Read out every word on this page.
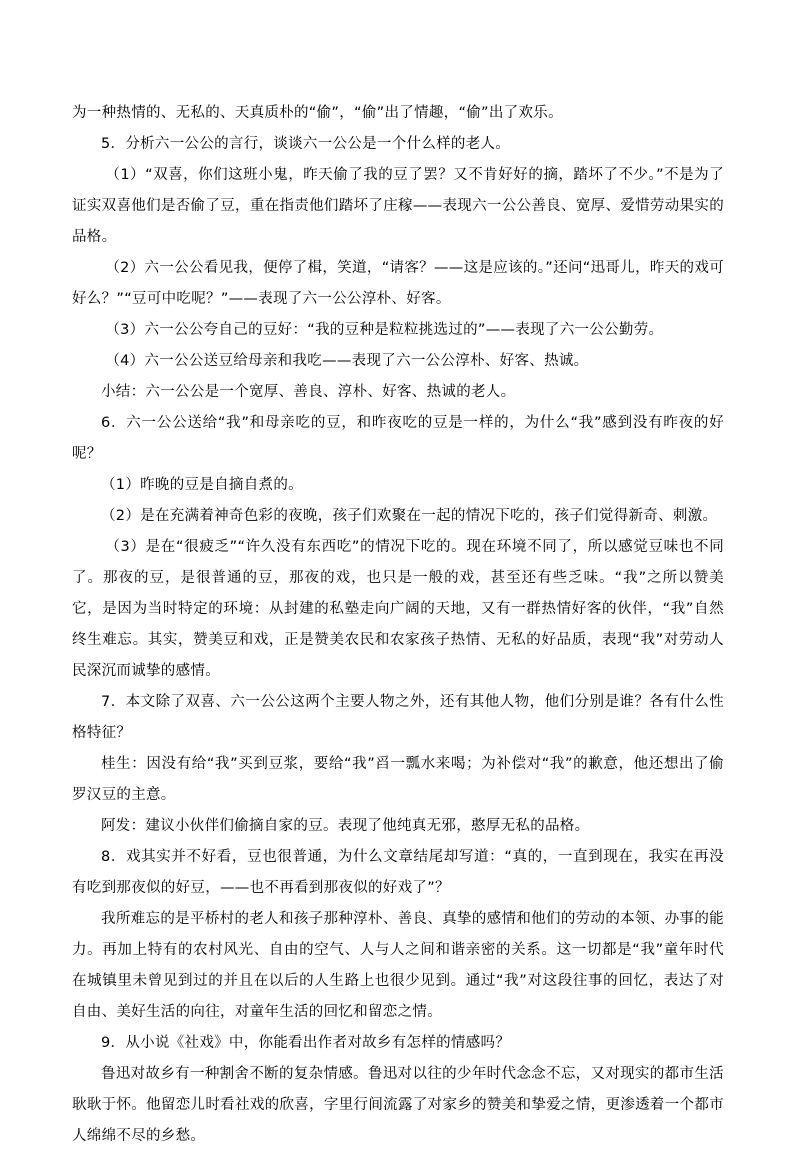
为一种热情的、无私的、天真质朴的“偷”，“偷”出了情趣，“偷”出了欢乐。

5．分析六一公公的言行，谈谈六一公公是一个什么样的老人。

（1）“双喜，你们这班小鬼，昨天偷了我的豆了罢？又不肯好好的摘，踏坏了不少。”不是为了证实双喜他们是否偷了豆，重在指责他们踏坏了庄稼——表现六一公公善良、宽厚、爱惜劳动果实的品格。

（2）六一公公看见我，便停了楫，笑道，“请客？——这是应该的。”还问“迅哥儿，昨天的戏可好么？”“豆可中吃呢？”——表现了六一公公淳朴、好客。

（3）六一公公夸自己的豆好：“我的豆种是粒粒挑选过的”——表现了六一公公勤劳。

（4）六一公公送豆给母亲和我吃——表现了六一公公淳朴、好客、热诚。

小结：六一公公是一个宽厚、善良、淳朴、好客、热诚的老人。

6．六一公公送给“我”和母亲吃的豆，和昨夜吃的豆是一样的，为什么“我”感到没有昨夜的好呢？

（1）昨晚的豆是自摘自煮的。

（2）是在充满着神奇色彩的夜晚，孩子们欢聚在一起的情况下吃的，孩子们觉得新奇、刺激。

（3）是在“很疲乏”“许久没有东西吃”的情况下吃的。现在环境不同了，所以感觉豆味也不同了。那夜的豆，是很普通的豆，那夜的戏，也只是一般的戏，甚至还有些乏味。“我”之所以赞美它，是因为当时特定的环境：从封建的私塾走向广阔的天地，又有一群热情好客的伙伴，“我”自然终生难忘。其实，赞美豆和戏，正是赞美农民和农家孩子热情、无私的好品质，表现“我”对劳动人民深沉而诚挚的感情。

7．本文除了双喜、六一公公这两个主要人物之外，还有其他人物，他们分别是谁？各有什么性格特征？

桂生：因没有给“我”买到豆浆，要给“我”舀一瓢水来喝；为补偿对“我”的歉意，他还想出了偷罗汉豆的主意。

阿发：建议小伙伴们偷摘自家的豆。表现了他纯真无邪，憨厚无私的品格。

8．戏其实并不好看，豆也很普通，为什么文章结尾却写道：“真的，一直到现在，我实在再没有吃到那夜似的好豆，——也不再看到那夜似的好戏了”？

我所难忘的是平桥村的老人和孩子那种淳朴、善良、真挚的感情和他们的劳动的本领、办事的能力。再加上特有的农村风光、自由的空气、人与人之间和谐亲密的关系。这一切都是“我”童年时代在城镇里未曾见到过的并且在以后的人生路上也很少见到。通过“我”对这段往事的回忆，表达了对自由、美好生活的向往，对童年生活的回忆和留恋之情。

9．从小说《社戏》中，你能看出作者对故乡有怎样的情感吗？

鲁迅对故乡有一种割舍不断的复杂情感。鲁迅对以往的少年时代念念不忘，又对现实的都市生活耿耿于怀。他留恋儿时看社戏的欣喜，字里行间流露了对家乡的赞美和挚爱之情，更渗透着一个都市人绵绵不尽的乡愁。
